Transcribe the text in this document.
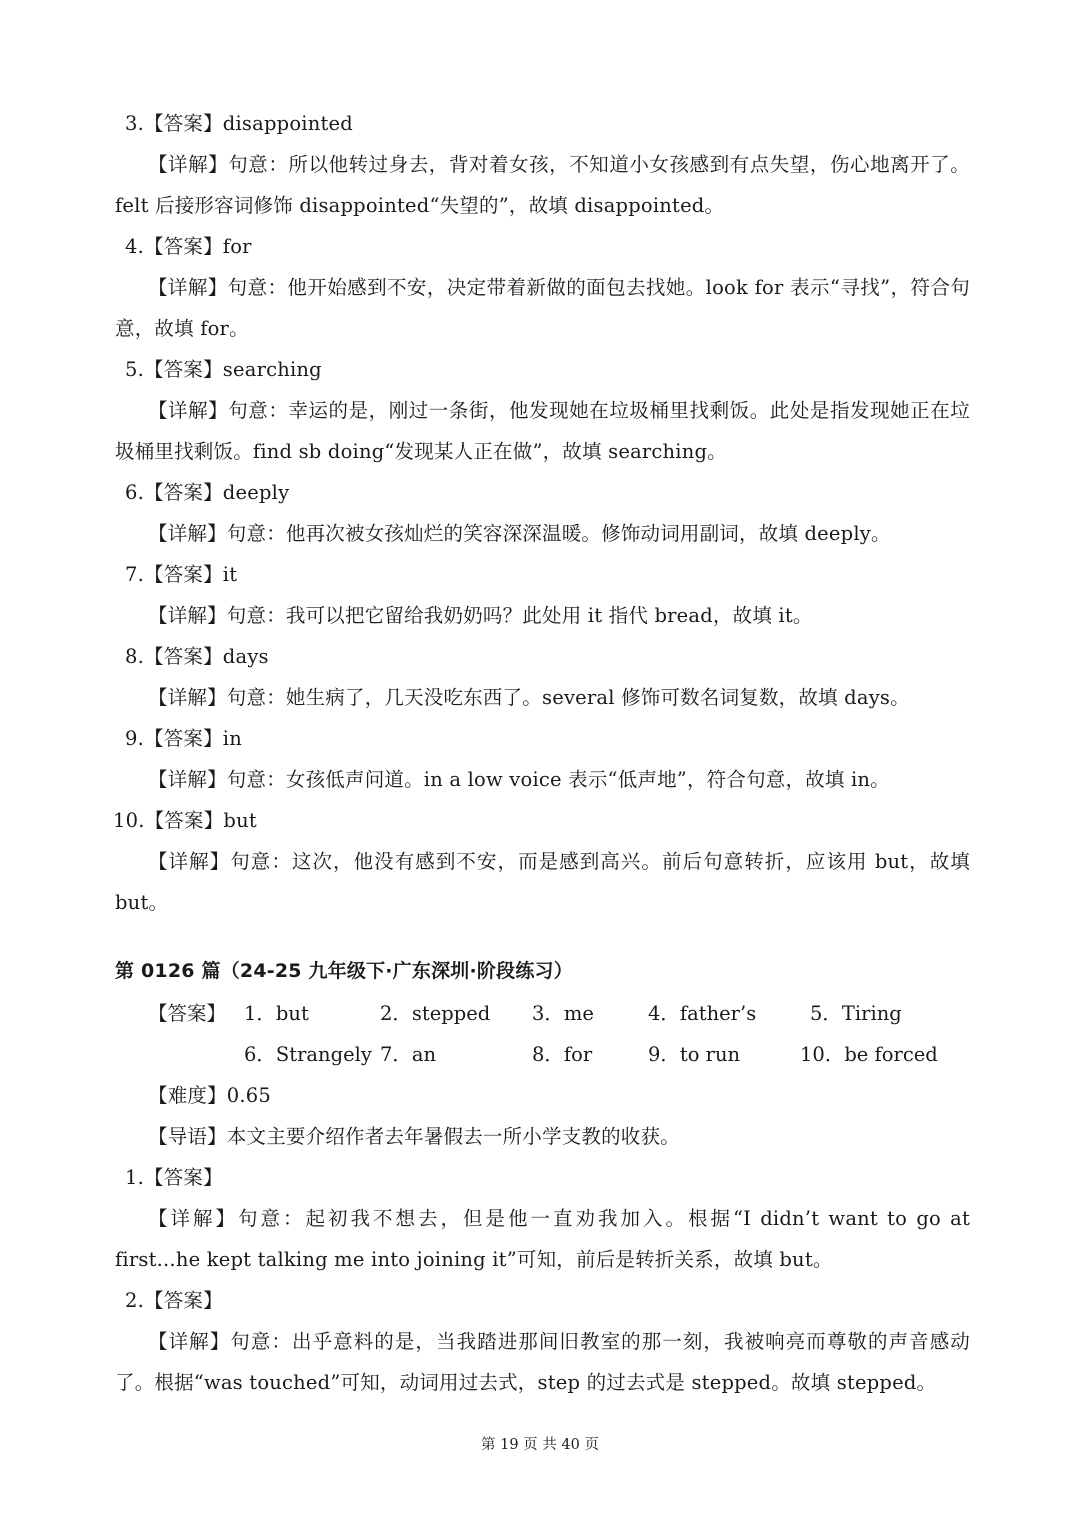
3.【答案】disappointed
【详解】句意：所以他转过身去，背对着女孩，不知道小女孩感到有点失望，伤心地离开了。felt 后接形容词修饰 disappointed“失望的”，故填 disappointed。
4.【答案】for
【详解】句意：他开始感到不安，决定带着新做的面包去找她。look for 表示“寻找”，符合句意，故填 for。
5.【答案】searching
【详解】句意：幸运的是，刚过一条街，他发现她在垃圾桶里找剩饭。此处是指发现她正在垃圾桶里找剩饭。find sb doing“发现某人正在做”，故填 searching。
6.【答案】deeply
【详解】句意：他再次被女孩灿烂的笑容深深温暖。修饰动词用副词，故填 deeply。
7.【答案】it
【详解】句意：我可以把它留给我奶奶吗？此处用 it 指代 bread，故填 it。
8.【答案】days
【详解】句意：她生病了，几天没吃东西了。several 修饰可数名词复数，故填 days。
9.【答案】in
【详解】句意：女孩低声问道。in a low voice 表示“低声地”，符合句意，故填 in。
10.【答案】but
【详解】句意：这次，他没有感到不安，而是感到高兴。前后句意转折，应该用 but，故填 but。
第 0126 篇（24-25 九年级下·广东深圳·阶段练习）
【答案】 1．but	2．stepped 3．me	4．father’s	5．Tiring
6．Strangely 7．an	8．for	9．to run	10．be forced
【难度】0.65
【导语】本文主要介绍作者去年暑假去一所小学支教的收获。
1.【答案】
【详解】句意：起初我不想去，但是他一直劝我加入。根据“I didn’t want to go at first...he kept talking me into joining it”可知，前后是转折关系，故填 but。
2.【答案】
【详解】句意：出乎意料的是，当我踏进那间旧教室的那一刻，我被响亮而尊敬的声音感动了。根据“was touched”可知，动词用过去式，step 的过去式是 stepped。故填 stepped。
第 19 页 共 40 页
